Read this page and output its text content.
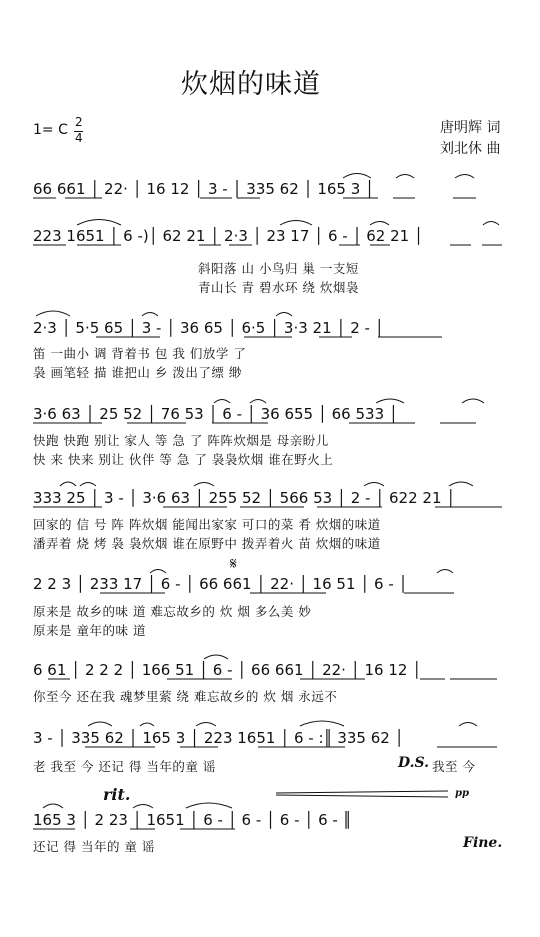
炊烟的味道
1= C 2
4
唐明辉 词
刘北休 曲
66 661 │ 22· │ 16 12 │ 3 - │ 335 62 │ 165 3 │
223 1651 │ 6 -)│ 62 21 │ 2·3 │ 23 17 │ 6 - │ 62 21 │
斜阳落 山 小鸟归 巢 一支短
青山长 青 碧水环 绕 炊烟袅
2·3 │ 5·5 65 │ 3 - │ 36 65 │ 6·5 │ 3·3 21 │ 2 - │
笛 一曲小 调 背着书 包 我 们放学 了
袅 画笔轻 描 谁把山 乡 泼出了缥 缈
3·6 63 │ 25 52 │ 76 53 │ 6 - │ 36 655 │ 66 533 │
快跑 快跑 别让 家人 等 急 了 阵阵炊烟是 母亲盼儿
快 来 快来 别让 伙伴 等 急 了 袅袅炊烟 谁在野火上
333 25 │ 3 - │ 3·6 63 │ 255 52 │ 566 53 │ 2 - │ 622 21 │
回家的 信 号 阵 阵炊烟 能闻出家家 可口的菜 肴 炊烟的味道
潘弄着 烧 烤 袅 袅炊烟 谁在原野中 拨弄着火 苗 炊烟的味道
2 2 3 │ 233 17 │ 6 - │ 66 661 │ 22· │ 16 51 │ 6 - │
原来是 故乡的味 道 难忘故乡的 炊 烟 多么美 妙
原来是 童年的味 道
6 61 │ 2 2 2 │ 166 51 │ 6 - │ 66 661 │ 22· │ 16 12 │
你至今 还在我 魂梦里萦 绕 难忘故乡的 炊 烟 永远不
3 - │ 335 62 │ 165 3 │ 223 1651 │ 6 - :║ 335 62 │
老 我至 今 还记 得 当年的童 谣	D.S. 我至 今
rit.	pp
165 3 │ 2 23 │ 1651 │ 6 - │ 6 - │ 6 - │ 6 - ║
还记 得 当年的 童 谣	Fine.
𝄋
